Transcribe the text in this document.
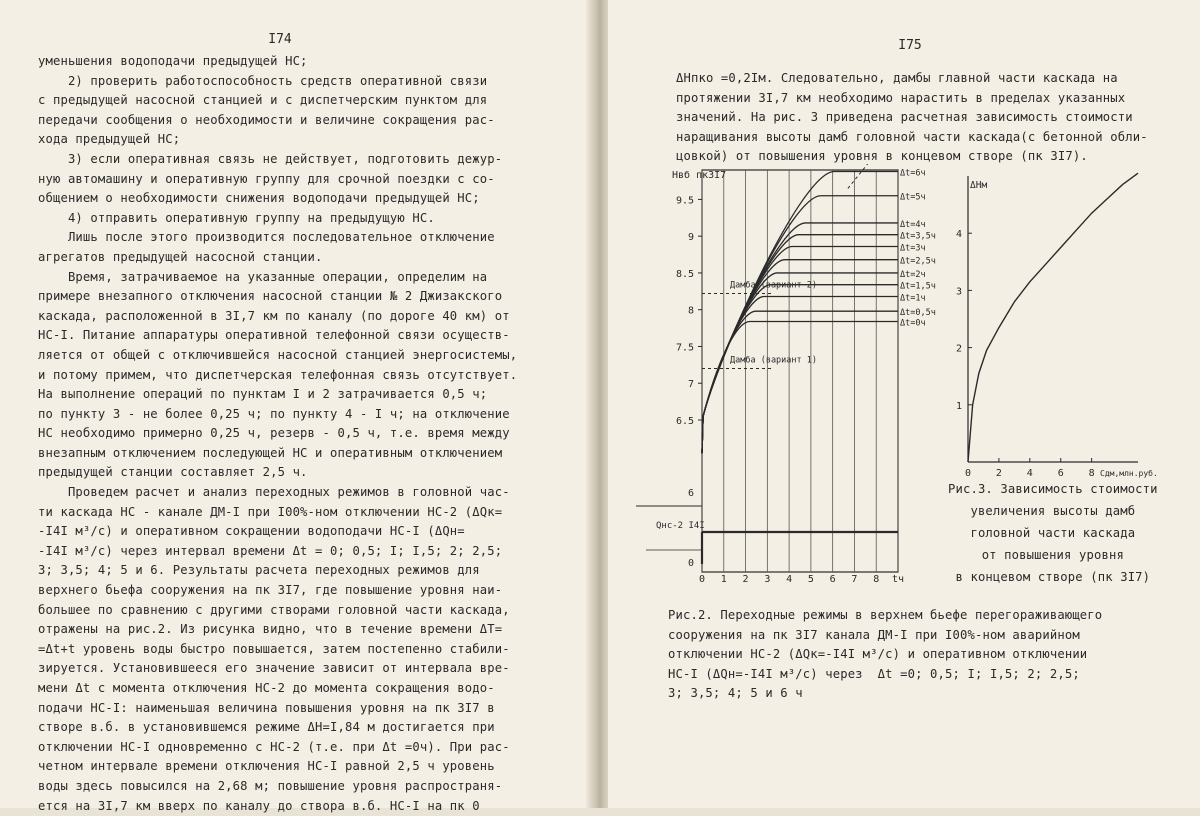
I74
уменьшения водоподачи предыдущей НС;
2) проверить работоспособность средств оперативной связи
с предыдущей насосной станцией и с диспетчерским пунктом для
передачи сообщения о необходимости и величине сокращения рас-
хода предыдущей НС;
3) если оперативная связь не действует, подготовить дежур-
ную автомашину и оперативную группу для срочной поездки с со-
общением о необходимости снижения водоподачи предыдущей НС;
4) отправить оперативную группу на предыдущую НС.
Лишь после этого производится последовательное отключение
агрегатов предыдущей насосной станции.
Время, затрачиваемое на указанные операции, определим на
примере внезапного отключения насосной станции № 2 Джизакского
каскада, расположенной в 3I,7 км по каналу (по дороге 40 км) от
НС-I. Питание аппаратуры оперативной телефонной связи осуществ-
ляется от общей с отключившейся насосной станцией энергосистемы,
и потому примем, что диспетчерская телефонная связь отсутствует.
На выполнение операций по пунктам I и 2 затрачивается 0,5 ч;
по пункту 3 - не более 0,25 ч; по пункту 4 - I ч; на отключение
НС необходимо примерно 0,25 ч, резерв - 0,5 ч, т.е. время между
внезапным отключением последующей НС и оперативным отключением
предыдущей станции составляет 2,5 ч.
Проведем расчет и анализ переходных режимов в головной час-
ти каскада НС - канале ДМ-I при I00%-ном отключении НС-2 (ΔQк=
-I4I м³/с) и оперативном сокращении водоподачи НС-I (ΔQн=
-I4I м³/с) через интервал времени Δt = 0; 0,5; I; I,5; 2; 2,5;
3; 3,5; 4; 5 и 6. Результаты расчета переходных режимов для
верхнего бьефа сооружения на пк 3I7, где повышение уровня наи-
большее по сравнению с другими створами головной части каскада,
отражены на рис.2. Из рисунка видно, что в течение времени ΔT=
=Δt+t уровень воды быстро повышается, затем постепенно стабили-
зируется. Установившееся его значение зависит от интервала вре-
мени Δt с момента отключения НС-2 до момента сокращения водо-
подачи НС-I: наименьшая величина повышения уровня на пк 3I7 в
створе в.б. в установившемся режиме ΔH=I,84 м достигается при
отключении НС-I одновременно с НС-2 (т.е. при Δt =0ч). При рас-
четном интервале времени отключения НС-I равной 2,5 ч уровень
воды здесь повысился на 2,68 м; повышение уровня распространя-
ется на 3I,7 км вверх по каналу до створа в.б. НС-I на пк 0
I75
ΔHпко =0,2Iм. Следовательно, дамбы главной части каскада на
протяжении 3I,7 км необходимо нарастить в пределах указанных
значений. На рис. 3 приведена расчетная зависимость стоимости
наращивания высоты дамб головной части каскада(с бетонной обли-
цовкой) от повышения уровня в концевом створе (пк 3I7).
9.5
9
8.5
8
7.5
7
6.5
6
Hвб пк3I7
Qнс-2 I4I
0
0 1 2 3 4 5 6 7 8 tч
Дамба (вариант 2)
Дамба (вариант 1)
Δt=6ч
Δt=5ч
Δt=4ч
Δt=3,5ч
Δt=3ч
Δt=2,5ч
Δt=2ч
Δt=1,5ч
Δt=1ч
Δt=0,5ч
Δt=0ч
1
2
3
4
0 2 4 6 8
ΔHм
Сдм,млн.руб.
Рис.2. Переходные режимы в верхнем бьефе перегораживающего
сооружения на пк 3I7 канала ДМ-I при I00%-ном аварийном
отключении НС-2 (ΔQк=-I4I м³/с) и оперативном отключении
НС-I (ΔQн=-I4I м³/с) через  Δt =0; 0,5; I; I,5; 2; 2,5;
3; 3,5; 4; 5 и 6 ч
Рис.3. Зависимость стоимости
увеличения высоты дамб
головной части каскада
от повышения уровня
в концевом створе (пк 3I7)
